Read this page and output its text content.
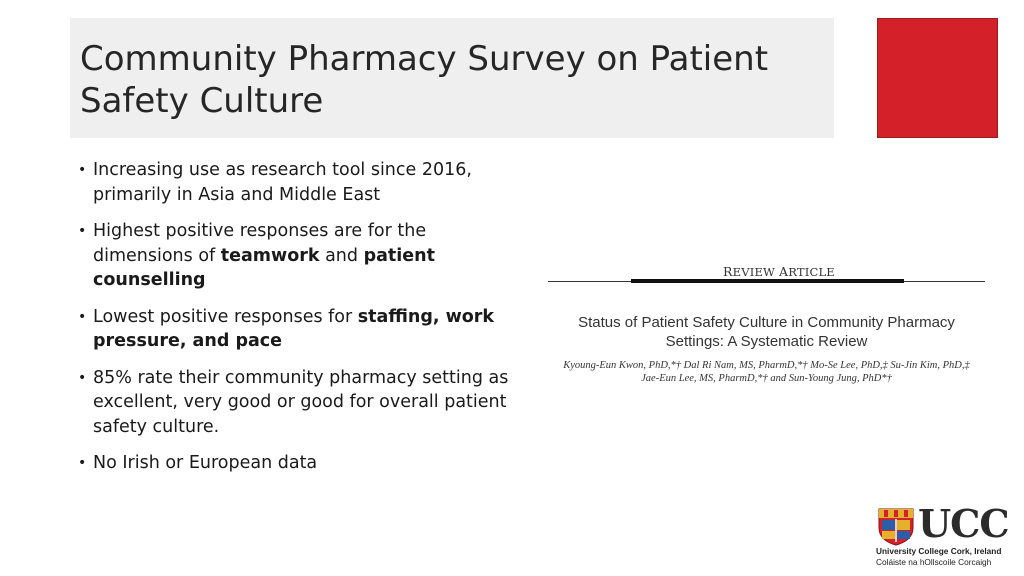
Community Pharmacy Survey on Patient Safety Culture
• Increasing use as research tool since 2016, primarily in Asia and Middle East
• Highest positive responses are for the dimensions of teamwork and patient counselling
• Lowest positive responses for staffing, work pressure, and pace
• 85% rate their community pharmacy setting as excellent, very good or good for overall patient safety culture.
• No Irish or European data
REVIEW ARTICLE
Status of Patient Safety Culture in Community Pharmacy
Settings: A Systematic Review
Kyoung-Eun Kwon, PhD,*† Dal Ri Nam, MS, PharmD,*† Mo-Se Lee, PhD,‡ Su-Jin Kim, PhD,‡
Jae-Eun Lee, MS, PharmD,*† and Sun-Young Jung, PhD*†
UCC
University College Cork, Ireland
Coláiste na hOllscoile Corcaigh
